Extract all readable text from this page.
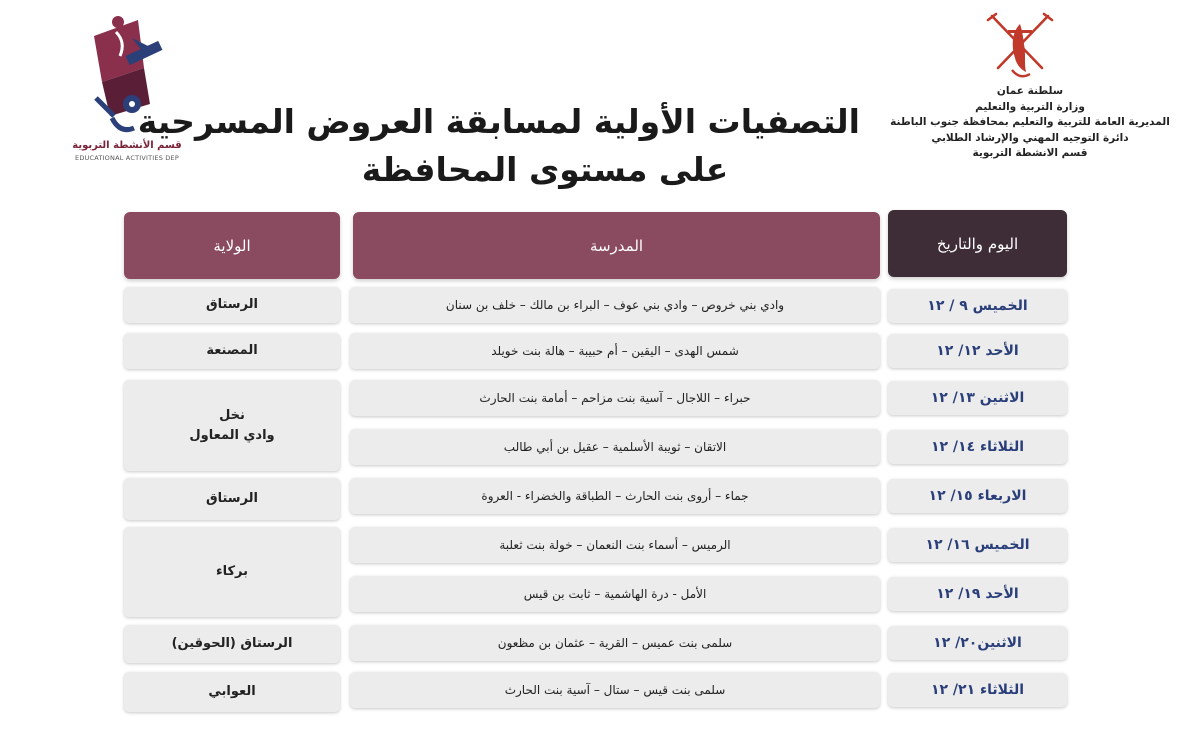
سلطنة عمان
وزارة التربية والتعليم
المديرية العامة للتربية والتعليم بمحافظة جنوب الباطنة
دائرة التوجيه المهني والإرشاد الطلابي
قسم الانشطة التربوية
قسم الأنشطة التربوية
EDUCATIONAL ACTIVITIES DEP
التصفيات الأولية لمسابقة العروض المسرحية
على مستوى المحافظة
اليوم والتاريخ
المدرسة
الولاية
الخميس ٩ / ١٢
الأحد ١٢/ ١٢
الاثنين ١٣/ ١٢
الثلاثاء ١٤/ ١٢
الاربعاء ١٥/ ١٢
الخميس ١٦/ ١٢
الأحد ١٩/ ١٢
الاثنين٢٠/ ١٢
الثلاثاء ٢١/ ١٢
وادي بني خروص – وادي بني عوف – البراء بن مالك – خلف بن سنان
شمس الهدى – اليقين – أم حبيبة – هالة بنت خويلد
حبراء – اللاجال – آسية بنت مزاحم – أمامة بنت الحارث
الاتقان – ثويبة الأسلمية – عقيل بن أبي طالب
جماء – أروى بنت الحارث – الطباقة والخضراء - العروة
الرميس – أسماء بنت النعمان – خولة بنت ثعلبة
الأمل - درة الهاشمية – ثابت بن قيس
سلمى بنت عميس – القرية – عثمان بن مظعون
سلمى بنت قيس – ستال – آسية بنت الحارث
الرستاق
المصنعة
نخل
وادي المعاول
الرستاق
بركاء
الرستاق (الحوقين)
العوابي
